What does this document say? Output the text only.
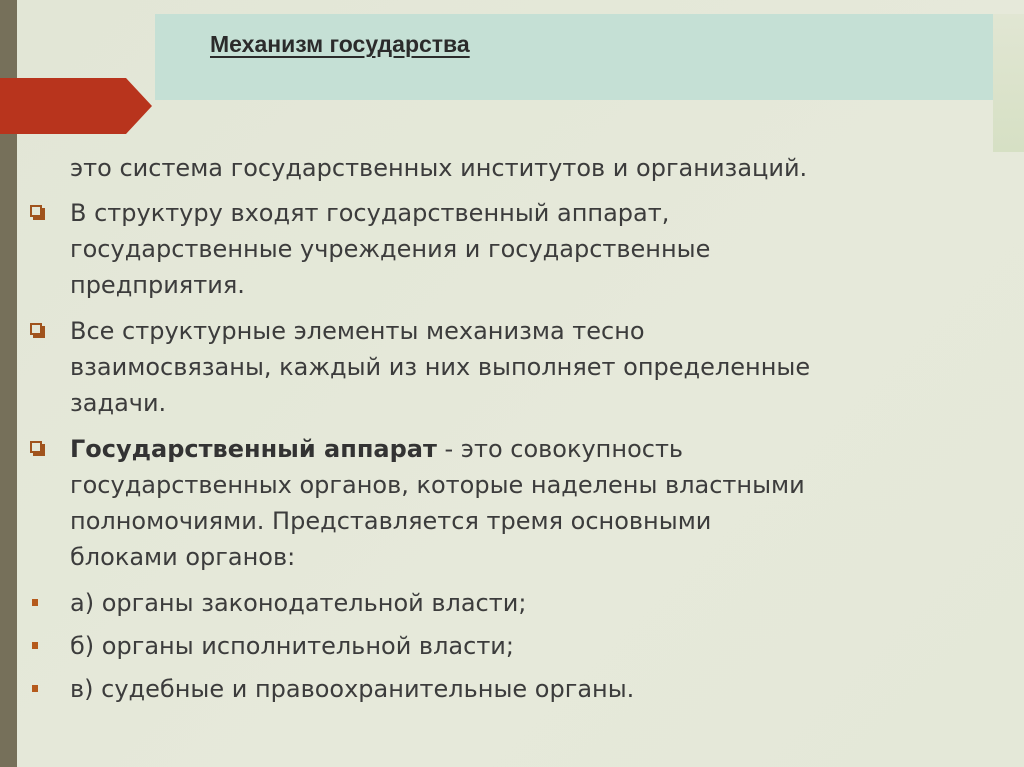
Механизм государства
это система государственных институтов и организаций.
В структуру входят государственный аппарат,
государственные учреждения и государственные
предприятия.
Все структурные элементы механизма тесно
взаимосвязаны, каждый из них выполняет определенные
задачи.
Государственный аппарат - это совокупность
государственных органов, которые наделены властными
полномочиями. Представляется тремя основными
блоками органов:
а) органы законодательной власти;
б) органы исполнительной власти;
в) судебные и правоохранительные органы.
